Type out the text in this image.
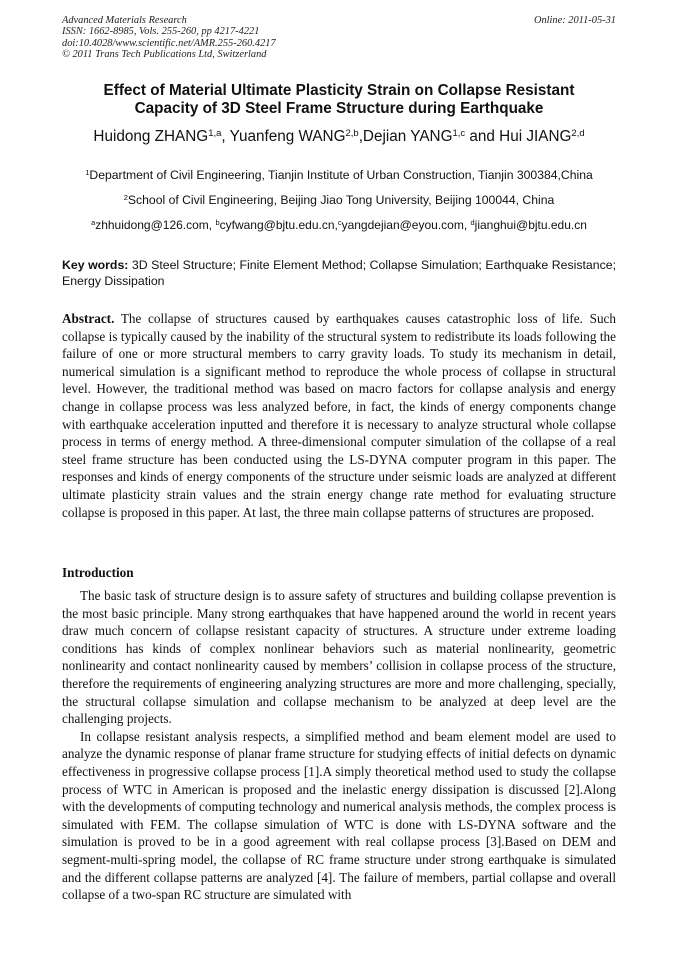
Advanced Materials Research
ISSN: 1662-8985, Vols. 255-260, pp 4217-4221
doi:10.4028/www.scientific.net/AMR.255-260.4217
© 2011 Trans Tech Publications Ltd, Switzerland
Online: 2011-05-31
Effect of Material Ultimate Plasticity Strain on Collapse Resistant
Capacity of 3D Steel Frame Structure during Earthquake
Huidong ZHANG$^{1,a}$, Yuanfeng WANG$^{2,b}$,Dejian YANG$^{1,c}$ and Hui JIANG$^{2,d}$
$^1$Department of Civil Engineering, Tianjin Institute of Urban Construction, Tianjin 300384,China
$^2$School of Civil Engineering, Beijing Jiao Tong University, Beijing 100044, China
$^a$zhhuidong@126.com, $^b$cyfwang@bjtu.edu.cn,$^c$yangdejian@eyou.com, $^d$jianghui@bjtu.edu.cn
Key words: 3D Steel Structure; Finite Element Method; Collapse Simulation; Earthquake Resistance; Energy Dissipation
Abstract. The collapse of structures caused by earthquakes causes catastrophic loss of life. Such collapse is typically caused by the inability of the structural system to redistribute its loads following the failure of one or more structural members to carry gravity loads. To study its mechanism in detail, numerical simulation is a significant method to reproduce the whole process of collapse in structural level. However, the traditional method was based on macro factors for collapse analysis and energy change in collapse process was less analyzed before, in fact, the kinds of energy components change with earthquake acceleration inputted and therefore it is necessary to analyze structural whole collapse process in terms of energy method. A three-dimensional computer simulation of the collapse of a real steel frame structure has been conducted using the LS-DYNA computer program in this paper. The responses and kinds of energy components of the structure under seismic loads are analyzed at different ultimate plasticity strain values and the strain energy change rate method for evaluating structure collapse is proposed in this paper. At last, the three main collapse patterns of structures are proposed.
Introduction

The basic task of structure design is to assure safety of structures and building collapse prevention is the most basic principle. Many strong earthquakes that have happened around the world in recent years draw much concern of collapse resistant capacity of structures. A structure under extreme loading conditions has kinds of complex nonlinear behaviors such as material nonlinearity, geometric nonlinearity and contact nonlinearity caused by members’ collision in collapse process of the structure, therefore the requirements of engineering analyzing structures are more and more challenging, specially, the structural collapse simulation and collapse mechanism to be analyzed at deep level are the challenging projects.

In collapse resistant analysis respects, a simplified method and beam element model are used to analyze the dynamic response of planar frame structure for studying effects of initial defects on dynamic effectiveness in progressive collapse process [1].A simply theoretical method used to study the collapse process of WTC in American is proposed and the inelastic energy dissipation is discussed [2].Along with the developments of computing technology and numerical analysis methods, the complex process is simulated with FEM. The collapse simulation of WTC is done with LS-DYNA software and the simulation is proved to be in a good agreement with real collapse process [3].Based on DEM and segment-multi-spring model, the collapse of RC frame structure under strong earthquake is simulated and the different collapse patterns are analyzed [4]. The failure of members, partial collapse and overall collapse of a two-span RC structure are simulated with
